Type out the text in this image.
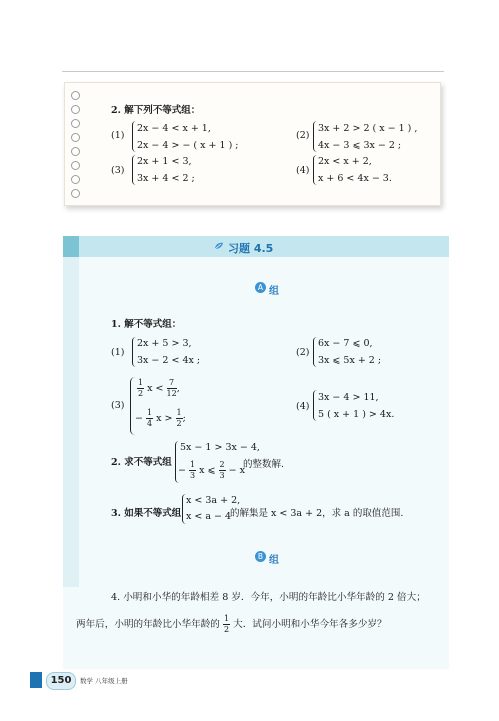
2. 解下列不等式组：
(1)
2x − 4 < x + 1,
2x − 4 > − ( x + 1 ) ;
(2)
3x + 2 > 2 ( x − 1 ) ,
4x − 3 ⩽ 3x − 2 ;
(3)
2x + 1 < 3,
3x + 4 < 2 ;
(4)
2x < x + 2,
x + 6 < 4x − 3.
习题 4.5
A 组
1. 解不等式组：
(1)
2x + 5 > 3,
3x − 2 < 4x ;
(2)
6x − 7 ⩽ 0,
3x ⩽ 5x + 2 ;
(3)
$\frac{1}{2}$ $x < \frac{7}{12}$ ,
− $\frac{1}{4}$ $x > \frac{1}{2}$ ;
(4)
3x − 4 > 11,
5 ( x + 1 ) > 4x.
2. 求不等式组
5x − 1 > 3x − 4,
− $\frac{1}{3}$ x ⩽ $\frac{2}{3} - x$
的整数解.
3. 如果不等式组
x < 3a + 2,
x < a − 4
的解集是 x < 3a + 2，求 a 的取值范围.
B 组
4. 小明和小华的年龄相差 8 岁．今年，小明的年龄比小华年龄的 2 倍大；
两年后，小明的年龄比小华年龄的 $\frac{1}{2}$ 大．试问小明和小华今年各多少岁？
150	数学 八年级上册
